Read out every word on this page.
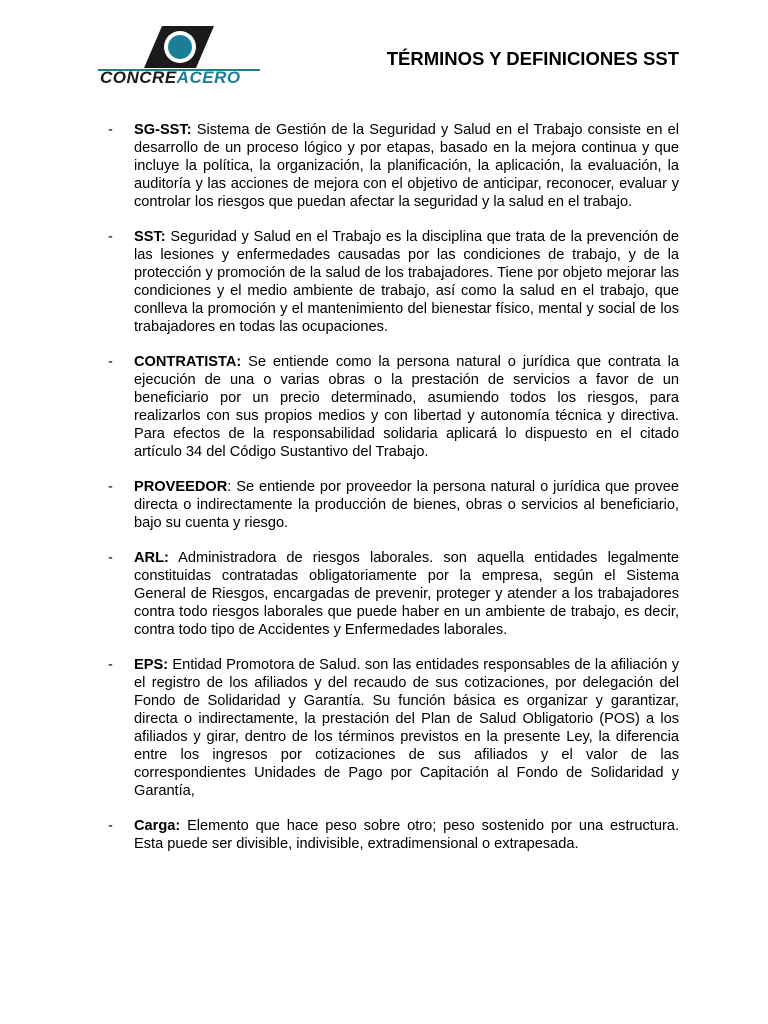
CONCREACERO
TÉRMINOS Y DEFINICIONES SST
- SG-SST: Sistema de Gestión de la Seguridad y Salud en el Trabajo consiste en el desarrollo de un proceso lógico y por etapas, basado en la mejora continua y que incluye la política, la organización, la planificación, la aplicación, la evaluación, la auditoría y las acciones de mejora con el objetivo de anticipar, reconocer, evaluar y controlar los riesgos que puedan afectar la seguridad y la salud en el trabajo.
- SST: Seguridad y Salud en el Trabajo es la disciplina que trata de la prevención de las lesiones y enfermedades causadas por las condiciones de trabajo, y de la protección y promoción de la salud de los trabajadores. Tiene por objeto mejorar las condiciones y el medio ambiente de trabajo, así como la salud en el trabajo, que conlleva la promoción y el mantenimiento del bienestar físico, mental y social de los trabajadores en todas las ocupaciones.
- CONTRATISTA: Se entiende como la persona natural o jurídica que contrata la ejecución de una o varias obras o la prestación de servicios a favor de un beneficiario por un precio determinado, asumiendo todos los riesgos, para realizarlos con sus propios medios y con libertad y autonomía técnica y directiva. Para efectos de la responsabilidad solidaria aplicará lo dispuesto en el citado artículo 34 del Código Sustantivo del Trabajo.
- PROVEEDOR: Se entiende por proveedor la persona natural o jurídica que provee directa o indirectamente la producción de bienes, obras o servicios al beneficiario, bajo su cuenta y riesgo.
- ARL: Administradora de riesgos laborales. son aquella entidades legalmente constituidas contratadas obligatoriamente por la empresa, según el Sistema General de Riesgos, encargadas de prevenir, proteger y atender a los trabajadores contra todo riesgos laborales que puede haber en un ambiente de trabajo, es decir, contra todo tipo de Accidentes y Enfermedades laborales.
- EPS: Entidad Promotora de Salud. son las entidades responsables de la afiliación y el registro de los afiliados y del recaudo de sus cotizaciones, por delegación del Fondo de Solidaridad y Garantía. Su función básica es organizar y garantizar, directa o indirectamente, la prestación del Plan de Salud Obligatorio (POS) a los afiliados y girar, dentro de los términos previstos en la presente Ley, la diferencia entre los ingresos por cotizaciones de sus afiliados y el valor de las correspondientes Unidades de Pago por Capitación al Fondo de Solidaridad y Garantía,
- Carga: Elemento que hace peso sobre otro; peso sostenido por una estructura. Esta puede ser divisible, indivisible, extradimensional o extrapesada.
